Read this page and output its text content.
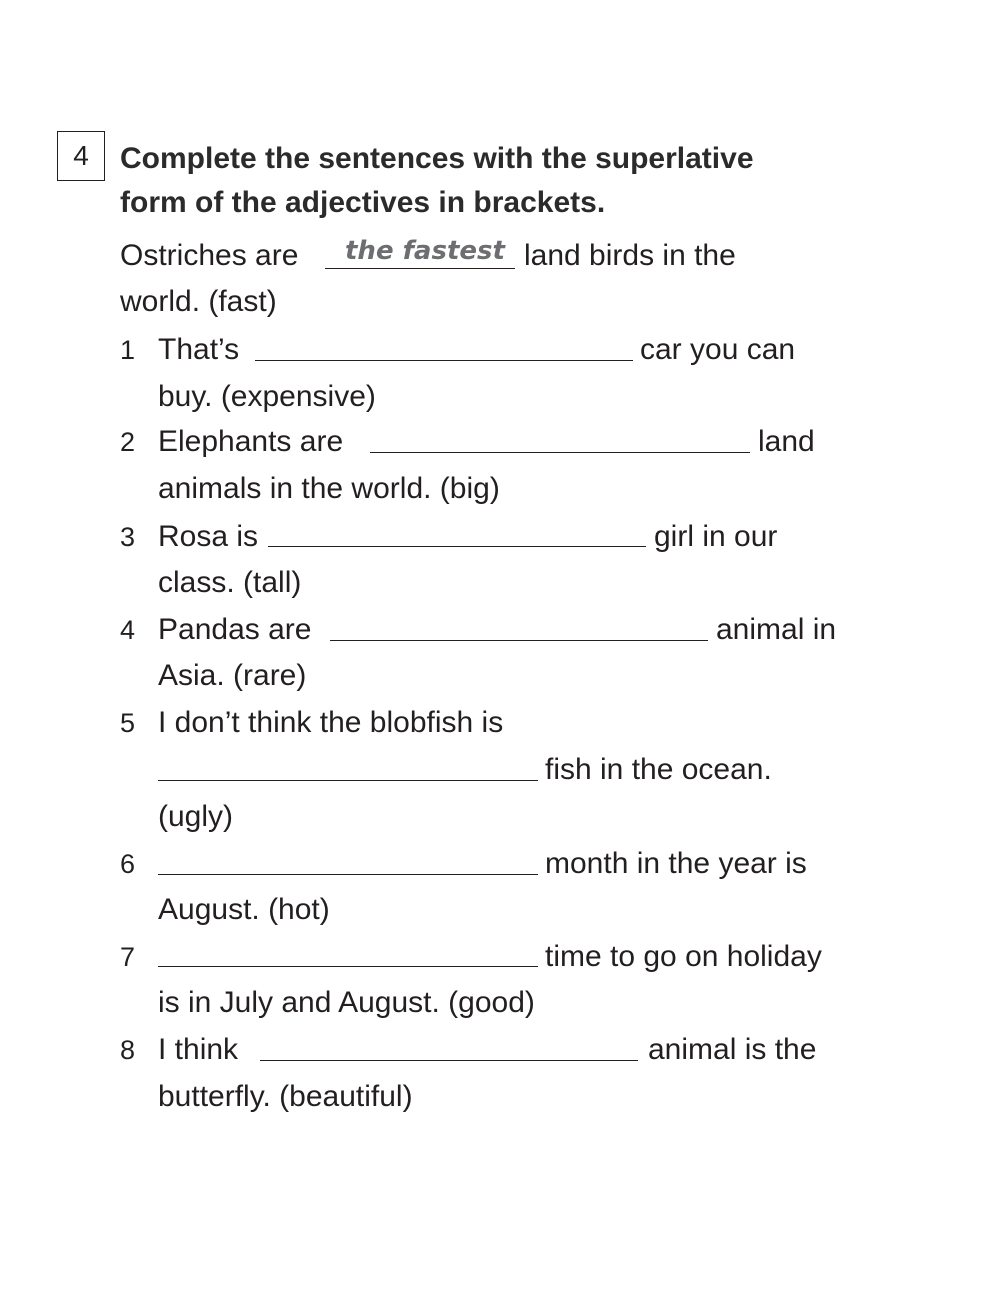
4 Complete the sentences with the superlative
form of the adjectives in brackets.
Ostriches are the fastest land birds in the
world. (fast)
1 That’s	car you can
buy. (expensive)
2 Elephants are	land
animals in the world. (big)
3 Rosa is	girl in our
class. (tall)
4 Pandas are	animal in
Asia. (rare)
5 I don’t think the blobfish is
fish in the ocean.
(ugly)
6	month in the year is
August. (hot)
7	time to go on holiday
is in July and August. (good)
8 I think	animal is the
butterfly. (beautiful)
